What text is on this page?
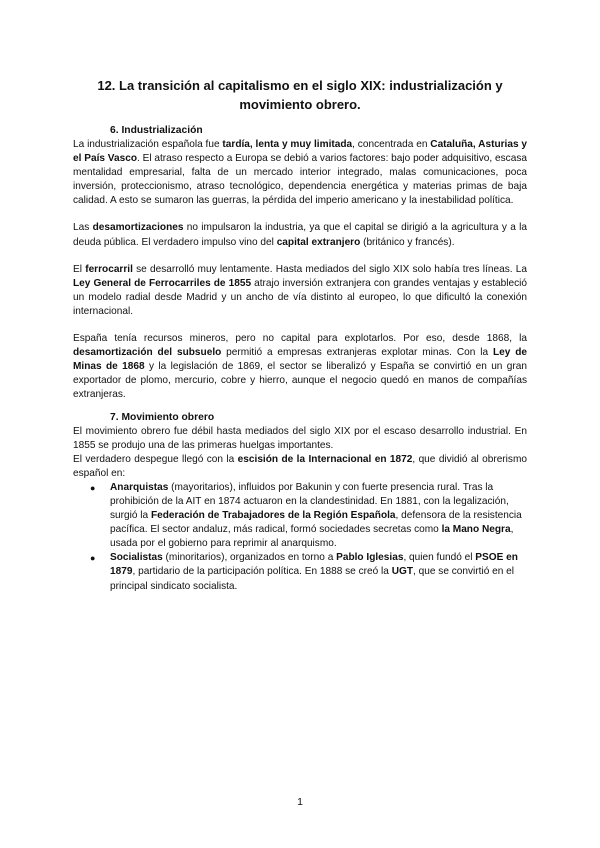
12. La transición al capitalismo en el siglo XIX: industrialización y movimiento obrero.
6. Industrialización

La industrialización española fue tardía, lenta y muy limitada, concentrada en Cataluña, Asturias y el País Vasco. El atraso respecto a Europa se debió a varios factores: bajo poder adquisitivo, escasa mentalidad empresarial, falta de un mercado interior integrado, malas comunicaciones, poca inversión, proteccionismo, atraso tecnológico, dependencia energética y materias primas de baja calidad. A esto se sumaron las guerras, la pérdida del imperio americano y la inestabilidad política.

Las desamortizaciones no impulsaron la industria, ya que el capital se dirigió a la agricultura y a la deuda pública. El verdadero impulso vino del capital extranjero (británico y francés).

El ferrocarril se desarrolló muy lentamente. Hasta mediados del siglo XIX solo había tres líneas. La Ley General de Ferrocarriles de 1855 atrajo inversión extranjera con grandes ventajas y estableció un modelo radial desde Madrid y un ancho de vía distinto al europeo, lo que dificultó la conexión internacional.

España tenía recursos mineros, pero no capital para explotarlos. Por eso, desde 1868, la desamortización del subsuelo permitió a empresas extranjeras explotar minas. Con la Ley de Minas de 1868 y la legislación de 1869, el sector se liberalizó y España se convirtió en un gran exportador de plomo, mercurio, cobre y hierro, aunque el negocio quedó en manos de compañías extranjeras.

7. Movimiento obrero

El movimiento obrero fue débil hasta mediados del siglo XIX por el escaso desarrollo industrial. En 1855 se produjo una de las primeras huelgas importantes.

El verdadero despegue llegó con la escisión de la Internacional en 1872, que dividió al obrerismo español en:

● Anarquistas (mayoritarios), influidos por Bakunin y con fuerte presencia rural. Tras la prohibición de la AIT en 1874 actuaron en la clandestinidad. En 1881, con la legalización, surgió la Federación de Trabajadores de la Región Española, defensora de la resistencia pacífica. El sector andaluz, más radical, formó sociedades secretas como la Mano Negra, usada por el gobierno para reprimir al anarquismo.
● Socialistas (minoritarios), organizados en torno a Pablo Iglesias, quien fundó el PSOE en 1879, partidario de la participación política. En 1888 se creó la UGT, que se convirtió en el principal sindicato socialista.
1
